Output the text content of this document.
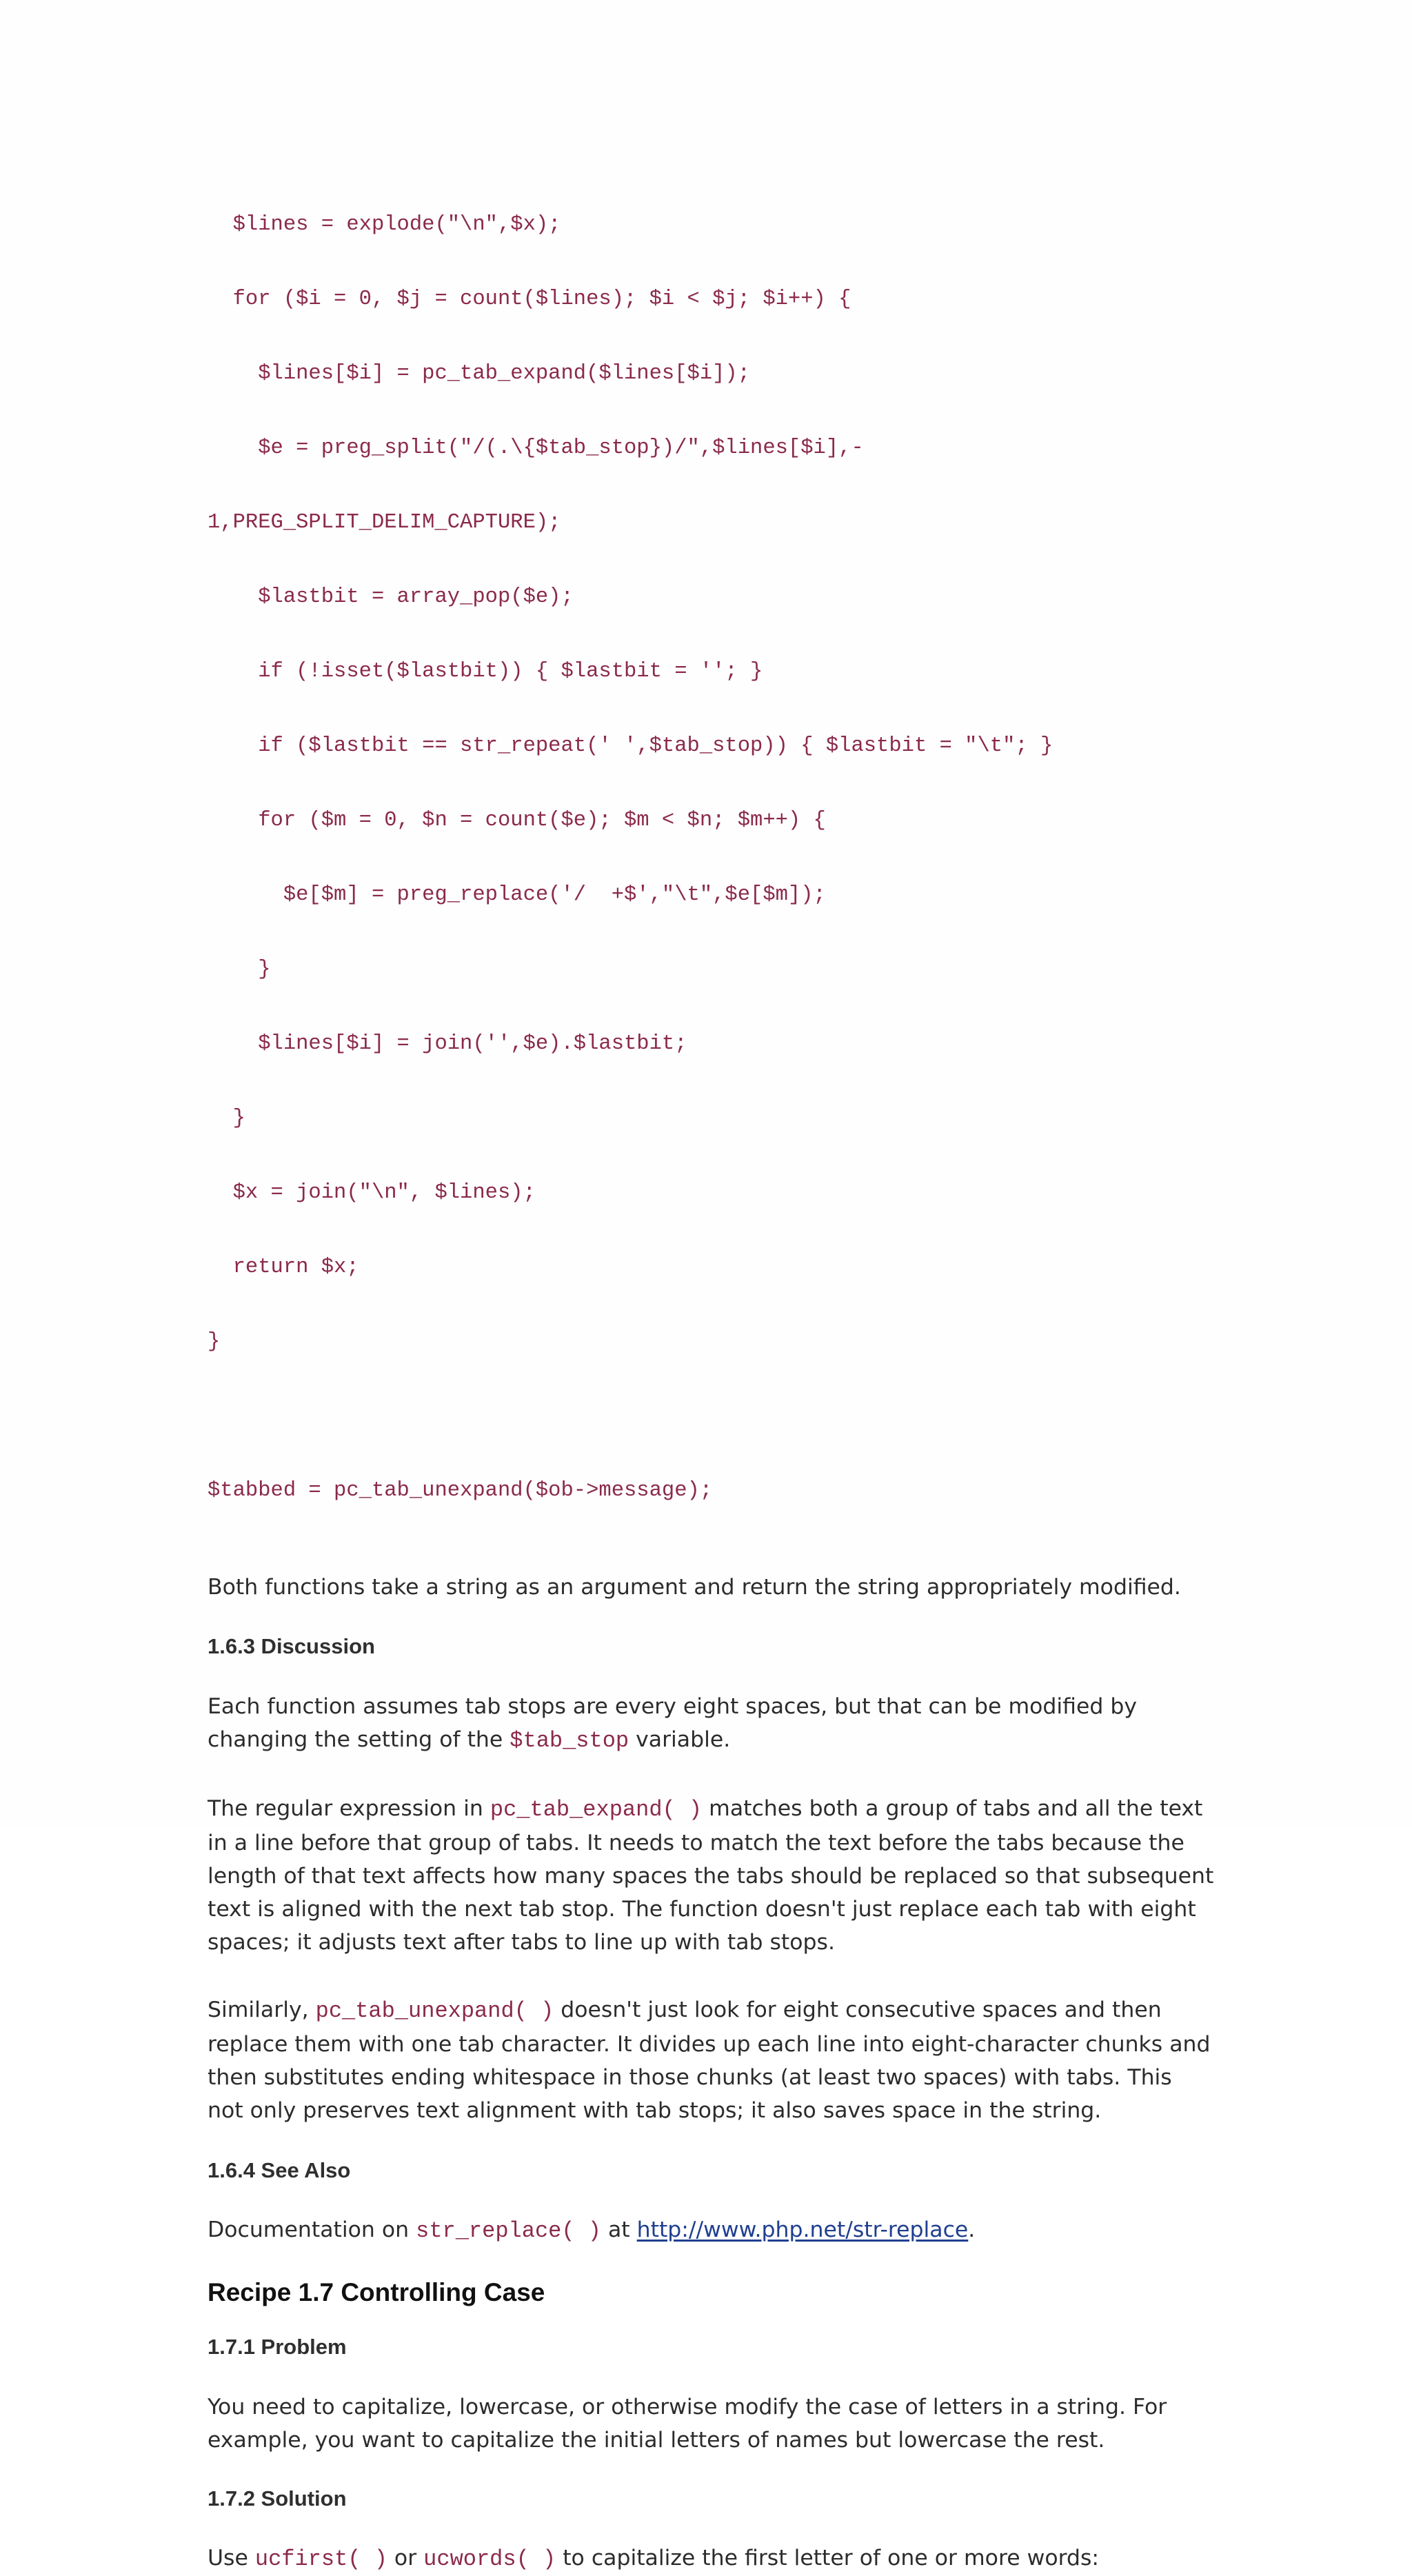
$lines = explode("\n",$x);

for ($i = 0, $j = count($lines); $i < $j; $i++) {

$lines[$i] = pc_tab_expand($lines[$i]);

$e = preg_split("/(.\{$tab_stop})/",$lines[$i],-

1,PREG_SPLIT_DELIM_CAPTURE);

$lastbit = array_pop($e);

if (!isset($lastbit)) { $lastbit = ''; }

if ($lastbit == str_repeat(' ',$tab_stop)) { $lastbit = "\t"; }

for ($m = 0, $n = count($e); $m < $n; $m++) {

$e[$m] = preg_replace('/  +$',"\t",$e[$m]);

}

$lines[$i] = join('',$e).$lastbit;

}

$x = join("\n", $lines);

return $x;

}

$tabbed = pc_tab_unexpand($ob->message);

Both functions take a string as an argument and return the string appropriately modified.

1.6.3 Discussion

Each function assumes tab stops are every eight spaces, but that can be modified by changing the setting of the $tab_stop variable.

The regular expression in pc_tab_expand( ) matches both a group of tabs and all the text in a line before that group of tabs. It needs to match the text before the tabs because the length of that text affects how many spaces the tabs should be replaced so that subsequent text is aligned with the next tab stop. The function doesn't just replace each tab with eight spaces; it adjusts text after tabs to line up with tab stops.

Similarly, pc_tab_unexpand( ) doesn't just look for eight consecutive spaces and then replace them with one tab character. It divides up each line into eight-character chunks and then substitutes ending whitespace in those chunks (at least two spaces) with tabs. This not only preserves text alignment with tab stops; it also saves space in the string.

1.6.4 See Also

Documentation on str_replace( ) at http://www.php.net/str-replace.

Recipe 1.7 Controlling Case
1.7.1 Problem

You need to capitalize, lowercase, or otherwise modify the case of letters in a string. For example, you want to capitalize the initial letters of names but lowercase the rest.

1.7.2 Solution

Use ucfirst( ) or ucwords( ) to capitalize the first letter of one or more words:
